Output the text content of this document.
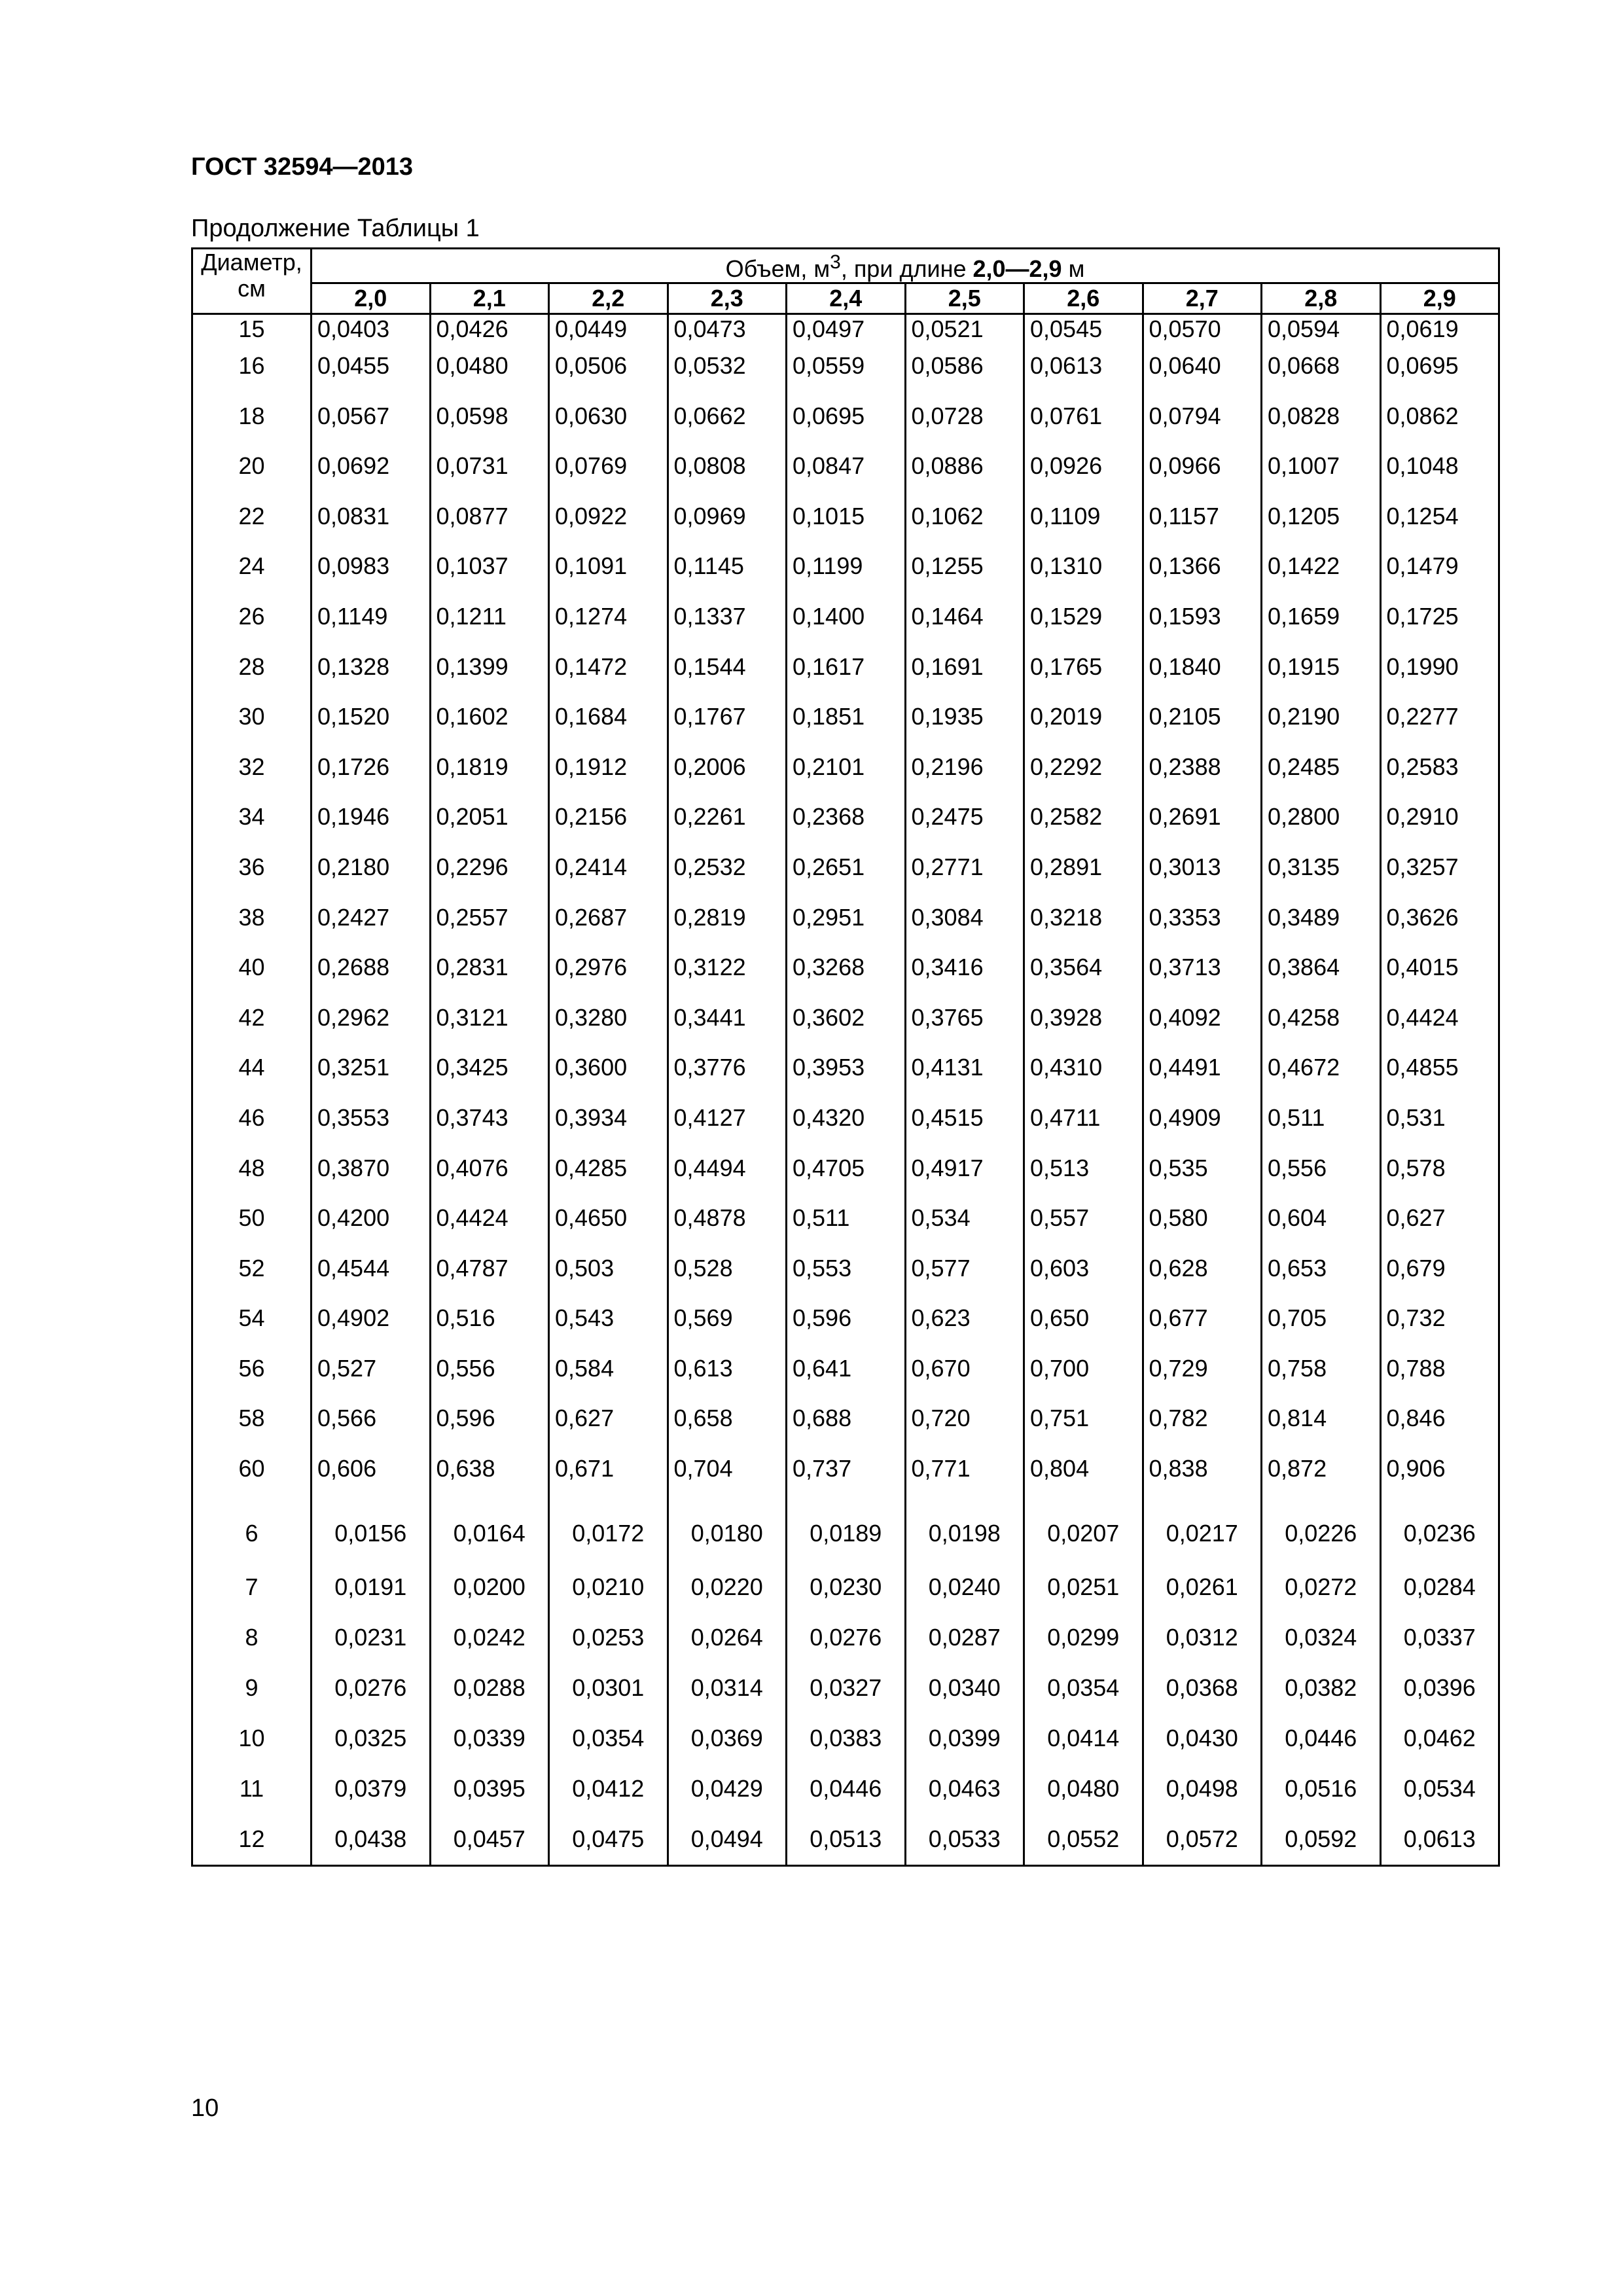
ГОСТ 32594—2013
Продолжение Таблицы 1
Диаметр,
см	Объем, $м^3$, при длине 2,0—2,9 м									
	2,0	2,1	2,2	2,3	2,4	2,5	2,6	2,7	2,8	2,9
15	0,0403	0,0426	0,0449	0,0473	0,0497	0,0521	0,0545	0,0570	0,0594	0,0619
16	0,0455	0,0480	0,0506	0,0532	0,0559	0,0586	0,0613	0,0640	0,0668	0,0695
18	0,0567	0,0598	0,0630	0,0662	0,0695	0,0728	0,0761	0,0794	0,0828	0,0862
20	0,0692	0,0731	0,0769	0,0808	0,0847	0,0886	0,0926	0,0966	0,1007	0,1048
22	0,0831	0,0877	0,0922	0,0969	0,1015	0,1062	0,1109	0,1157	0,1205	0,1254
24	0,0983	0,1037	0,1091	0,1145	0,1199	0,1255	0,1310	0,1366	0,1422	0,1479
26	0,1149	0,1211	0,1274	0,1337	0,1400	0,1464	0,1529	0,1593	0,1659	0,1725
28	0,1328	0,1399	0,1472	0,1544	0,1617	0,1691	0,1765	0,1840	0,1915	0,1990
30	0,1520	0,1602	0,1684	0,1767	0,1851	0,1935	0,2019	0,2105	0,2190	0,2277
32	0,1726	0,1819	0,1912	0,2006	0,2101	0,2196	0,2292	0,2388	0,2485	0,2583
34	0,1946	0,2051	0,2156	0,2261	0,2368	0,2475	0,2582	0,2691	0,2800	0,2910
36	0,2180	0,2296	0,2414	0,2532	0,2651	0,2771	0,2891	0,3013	0,3135	0,3257
38	0,2427	0,2557	0,2687	0,2819	0,2951	0,3084	0,3218	0,3353	0,3489	0,3626
40	0,2688	0,2831	0,2976	0,3122	0,3268	0,3416	0,3564	0,3713	0,3864	0,4015
42	0,2962	0,3121	0,3280	0,3441	0,3602	0,3765	0,3928	0,4092	0,4258	0,4424
44	0,3251	0,3425	0,3600	0,3776	0,3953	0,4131	0,4310	0,4491	0,4672	0,4855
46	0,3553	0,3743	0,3934	0,4127	0,4320	0,4515	0,4711	0,4909	0,511	0,531
48	0,3870	0,4076	0,4285	0,4494	0,4705	0,4917	0,513	0,535	0,556	0,578
50	0,4200	0,4424	0,4650	0,4878	0,511	0,534	0,557	0,580	0,604	0,627
52	0,4544	0,4787	0,503	0,528	0,553	0,577	0,603	0,628	0,653	0,679
54	0,4902	0,516	0,543	0,569	0,596	0,623	0,650	0,677	0,705	0,732
56	0,527	0,556	0,584	0,613	0,641	0,670	0,700	0,729	0,758	0,788
58	0,566	0,596	0,627	0,658	0,688	0,720	0,751	0,782	0,814	0,846
60	0,606	0,638	0,671	0,704	0,737	0,771	0,804	0,838	0,872	0,906
6	0,0156	0,0164	0,0172	0,0180	0,0189	0,0198	0,0207	0,0217	0,0226	0,0236
7	0,0191	0,0200	0,0210	0,0220	0,0230	0,0240	0,0251	0,0261	0,0272	0,0284
8	0,0231	0,0242	0,0253	0,0264	0,0276	0,0287	0,0299	0,0312	0,0324	0,0337
9	0,0276	0,0288	0,0301	0,0314	0,0327	0,0340	0,0354	0,0368	0,0382	0,0396
10	0,0325	0,0339	0,0354	0,0369	0,0383	0,0399	0,0414	0,0430	0,0446	0,0462
11	0,0379	0,0395	0,0412	0,0429	0,0446	0,0463	0,0480	0,0498	0,0516	0,0534
12	0,0438	0,0457	0,0475	0,0494	0,0513	0,0533	0,0552	0,0572	0,0592	0,0613
10
